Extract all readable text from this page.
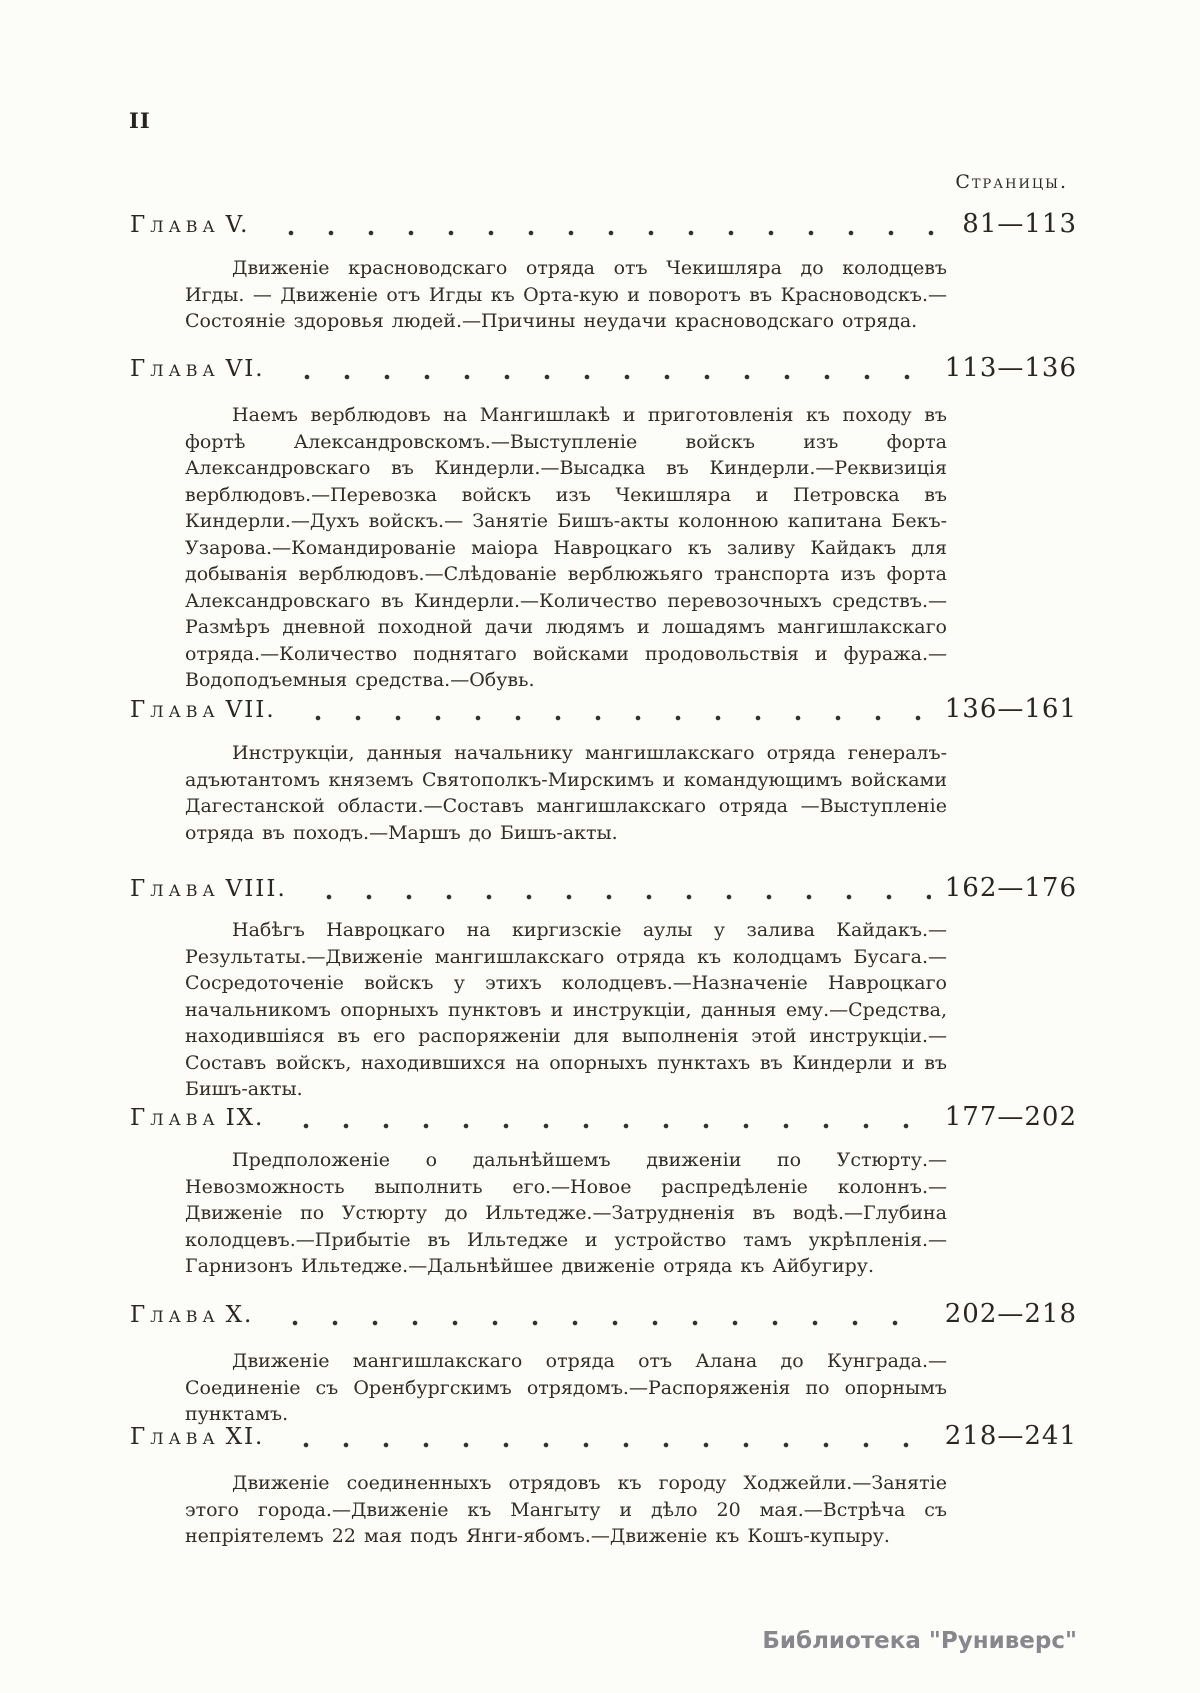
II
Страницы.
Глава V.	81—113

Движеніе красноводскаго отряда отъ Чекишляра до колодцевъ Игды. — Движеніе отъ Игды къ Орта-кую и поворотъ въ Красноводскъ.—Состояніе здоровья людей.—Причины неудачи красноводскаго отряда.

Глава VI.	113—136

Наемъ верблюдовъ на Мангишлакѣ и приготовленія къ походу въ фортѣ Александровскомъ.—Выступленіе войскъ изъ форта Александровскаго въ Киндерли.—Высадка въ Киндерли.—Реквизиція верблюдовъ.—Перевозка войскъ изъ Чекишляра и Петровска въ Киндерли.—Духъ войскъ.— Занятіе Бишъ-акты колонною капитана Бекъ-Узарова.—Командированіе маіора Навроцкаго къ заливу Кайдакъ для добыванія верблюдовъ.—Слѣдованіе верблюжьяго транспорта изъ форта Александровскаго въ Киндерли.—Количество перевозочныхъ средствъ.—Размѣръ дневной походной дачи людямъ и лошадямъ мангишлакскаго отряда.—Количество поднятаго войсками продовольствія и фуража.—Водоподъемныя средства.—Обувь.

Глава VII.	136—161

Инструкціи, данныя начальнику мангишлакскаго отряда генералъ-адъютантомъ княземъ Святополкъ-Мирскимъ и командующимъ войсками Дагестанской области.—Составъ мангишлакскаго отряда —Выступленіе отряда въ походъ.—Маршъ до Бишъ-акты.

Глава VIII.	162—176

Набѣгъ Навроцкаго на киргизскіе аулы у залива Кайдакъ.—Результаты.—Движеніе мангишлакскаго отряда къ колодцамъ Бусага.—Сосредоточеніе войскъ у этихъ колодцевъ.—Назначеніе Навроцкаго начальникомъ опорныхъ пунктовъ и инструкціи, данныя ему.—Средства, находившіяся въ его распоряженіи для выполненія этой инструкціи.—Составъ войскъ, находившихся на опорныхъ пунктахъ въ Киндерли и въ Бишъ-акты.

Глава IX.	177—202

Предположеніе о дальнѣйшемъ движеніи по Устюрту.—Невозможность выполнить его.—Новое распредѣленіе колоннъ.—Движеніе по Устюрту до Ильтедже.—Затрудненія въ водѣ.—Глубина колодцевъ.—Прибытіе въ Ильтедже и устройство тамъ укрѣпленія.—Гарнизонъ Ильтедже.—Дальнѣйшее движеніе отряда къ Айбугиру.

Глава X.	202—218

Движеніе мангишлакскаго отряда отъ Алана до Кунграда.—Соединеніе съ Оренбургскимъ отрядомъ.—Распоряженія по опорнымъ пунктамъ.

Глава XI.	218—241

Движеніе соединенныхъ отрядовъ къ городу Ходжейли.—Занятіе этого города.—Движеніе къ Мангыту и дѣло 20 мая.—Встрѣча съ непріятелемъ 22 мая подъ Янги-ябомъ.—Движеніе къ Кошъ-купыру.

Библиотека "Руниверс"
